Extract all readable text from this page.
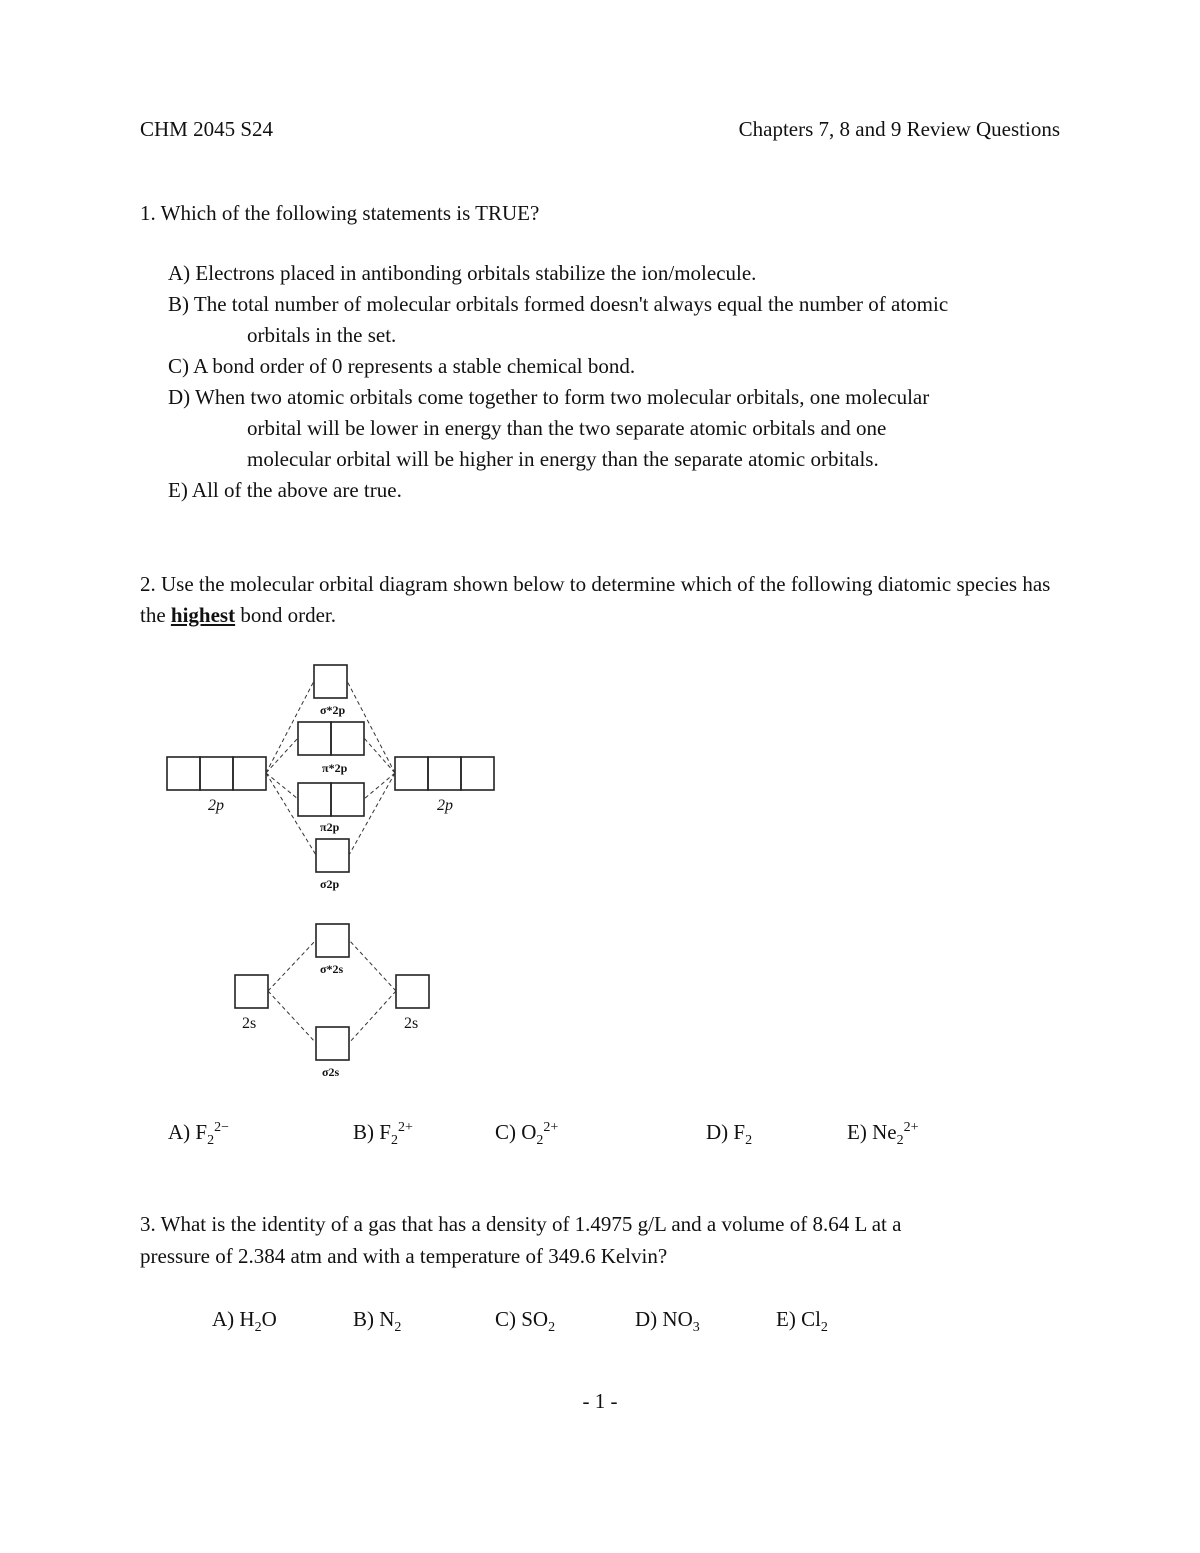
CHM 2045 S24	Chapters 7, 8 and 9 Review Questions
1. Which of the following statements is TRUE?
A) Electrons placed in antibonding orbitals stabilize the ion/molecule.
B) The total number of molecular orbitals formed doesn't always equal the number of atomic
orbitals in the set.
C) A bond order of 0 represents a stable chemical bond.
D) When two atomic orbitals come together to form two molecular orbitals, one molecular
orbital will be lower in energy than the two separate atomic orbitals and one
molecular orbital will be higher in energy than the separate atomic orbitals.
E) All of the above are true.
2. Use the molecular orbital diagram shown below to determine which of the following diatomic species has the highest bond order.
2p	2p
2s	2s
σ*2p
π*2p
π2p
σ2p
σ*2s
σ2s
A) $F_2^{2-}$	B) $F_2^{2+}$	C) $O_2^{2+}$	D) $F_2$	E) $Ne_2^{2+}$
3. What is the identity of a gas that has a density of 1.4975 g/L and a volume of 8.64 L at a
pressure of 2.384 atm and with a temperature of 349.6 Kelvin?
A) $H_2O$	B) $N_2$	C) $SO_2$	D) $NO_3$	E) $Cl_2$
- 1 -
